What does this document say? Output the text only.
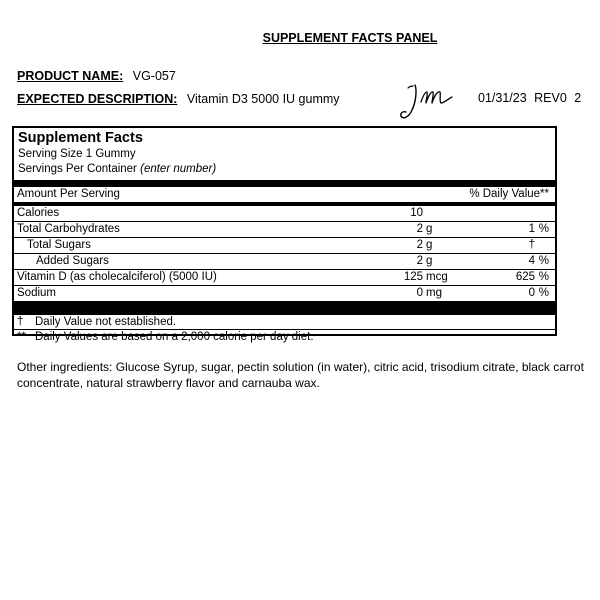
SUPPLEMENT FACTS PANEL
PRODUCT NAME: VG-057
EXPECTED DESCRIPTION: Vitamin D3 5000 IU gummy	01/31/23 REV0 2
Supplement Facts
Serving Size 1 Gummy
Servings Per Container (enter number)
Amount Per Serving	% Daily Value**
Calories	10
Total Carbohydrates	2 g	1 %
Total Sugars	2 g	†
Added Sugars	2 g	4 %
Vitamin D (as cholecalciferol) (5000 IU)	125 mcg	625 %
Sodium	0 mg	0 %
†	Daily Value not established.
** Daily Values are based on a 2,000 calorie per day diet.
Other ingredients: Glucose Syrup, sugar, pectin solution (in water), citric acid, trisodium citrate, black carrot concentrate, natural strawberry flavor and carnauba wax.
